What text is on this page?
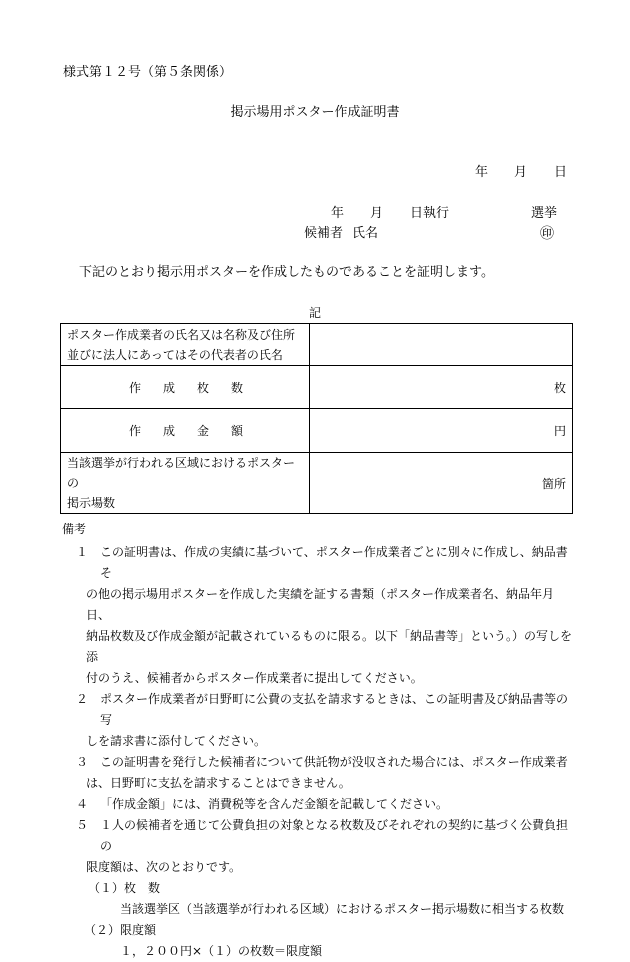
様式第１２号（第５条関係）
掲示場用ポスター作成証明書
年 月 日
年 月 日執行	選挙
候補者 氏名	㊞
下記のとおり掲示用ポスターを作成したものであることを証明します。
記
ポスター作成業者の氏名又は名称及び住所
並びに法人にあってはその代表者の氏名	

作成枚数	枚

作成金額	円
当該選挙が行われる区域におけるポスターの
掲示場数	箇所
備考
１ この証明書は、作成の実績に基づいて、ポスター作成業者ごとに別々に作成し、納品書そ
の他の掲示場用ポスターを作成した実績を証する書類（ポスター作成業者名、納品年月日、
納品枚数及び作成金額が記載されているものに限る。以下「納品書等」という。）の写しを添
付のうえ、候補者からポスター作成業者に提出してください。
２ ポスター作成業者が日野町に公費の支払を請求するときは、この証明書及び納品書等の写
しを請求書に添付してください。
３ この証明書を発行した候補者について供託物が没収された場合には、ポスター作成業者
は、日野町に支払を請求することはできません。
４ 「作成金額」には、消費税等を含んだ金額を記載してください。
５ １人の候補者を通じて公費負担の対象となる枚数及びそれぞれの契約に基づく公費負担の
限度額は、次のとおりです。
（１）枚　数
当該選挙区（当該選挙が行われる区域）におけるポスター掲示場数に相当する枚数
（２）限度額
１，２００円×（１）の枚数＝限度額
